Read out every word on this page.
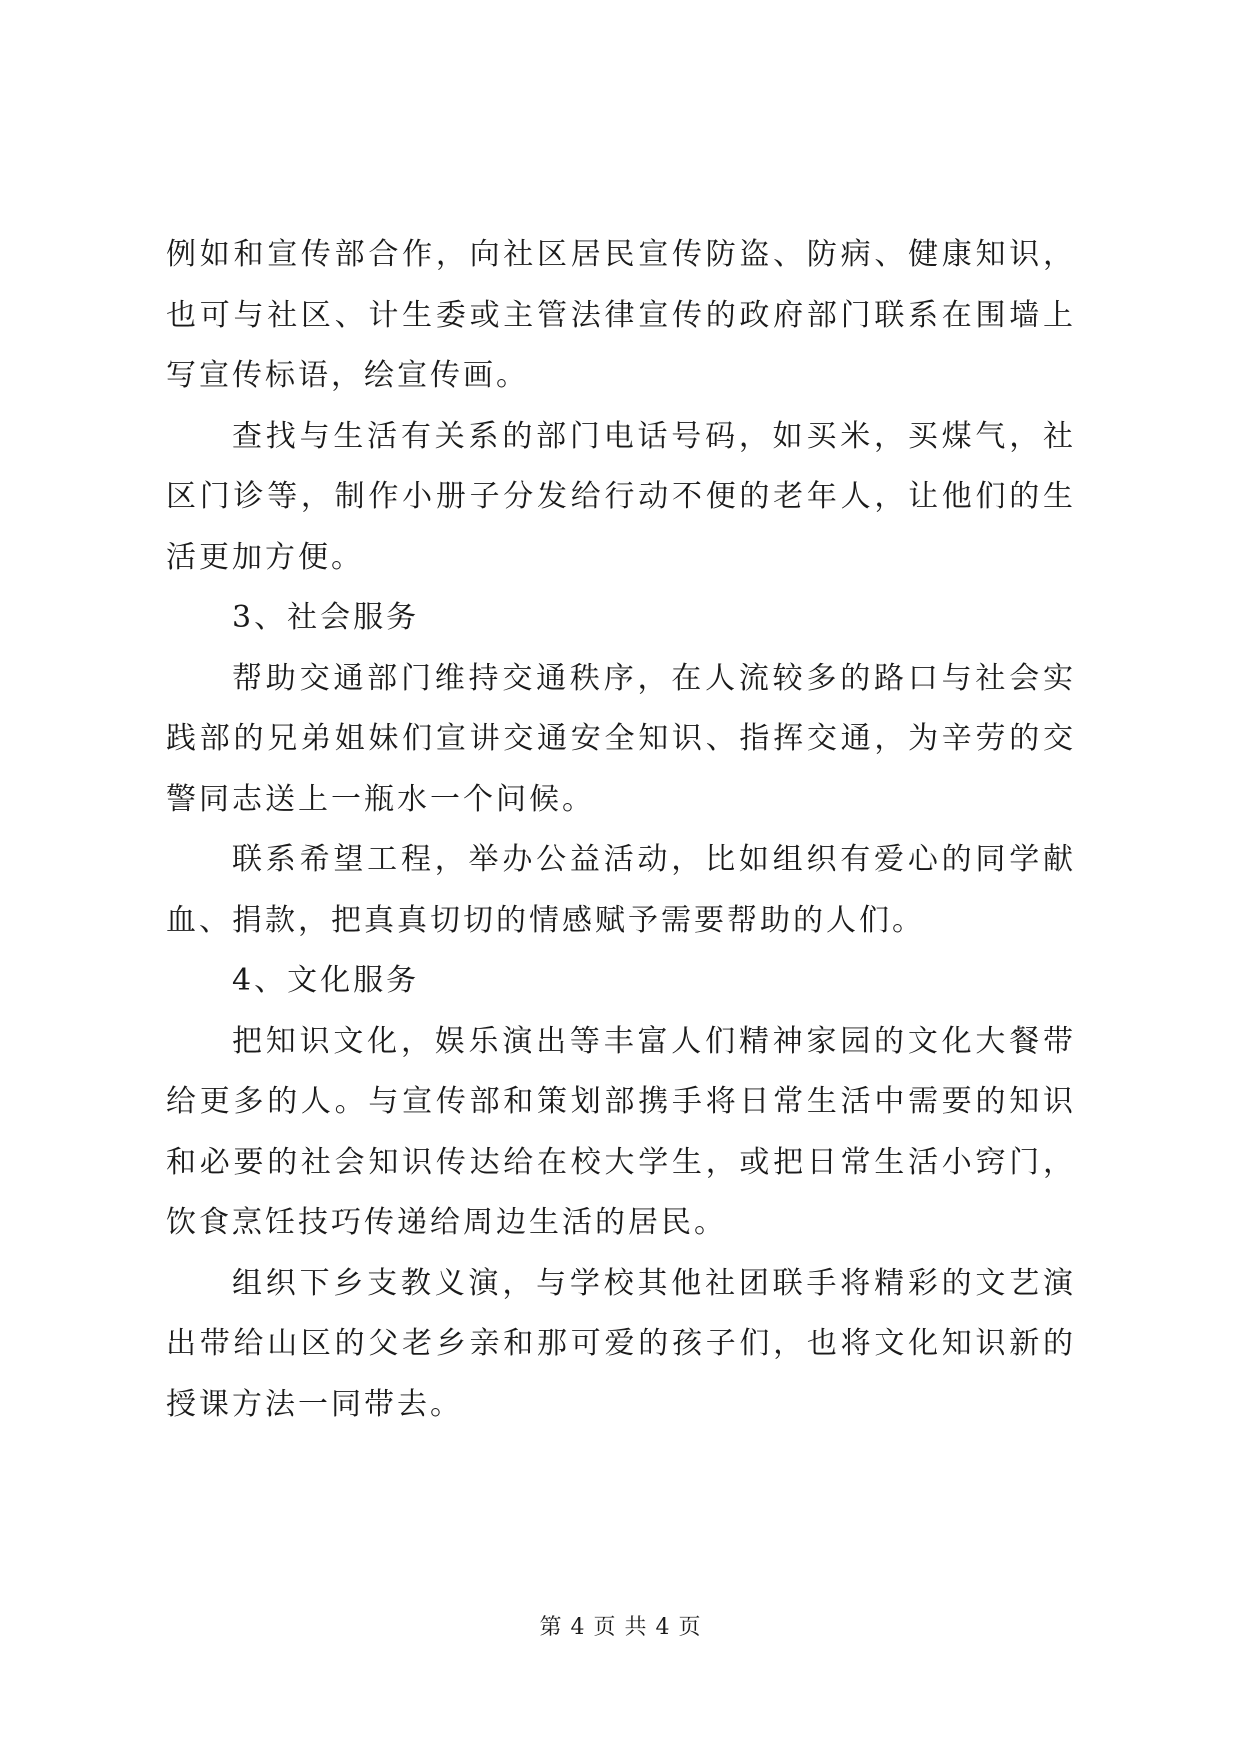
例如和宣传部合作，向社区居民宣传防盗、防病、健康知识，也可与社区、计生委或主管法律宣传的政府部门联系在围墙上写宣传标语，绘宣传画。

查找与生活有关系的部门电话号码，如买米，买煤气，社区门诊等，制作小册子分发给行动不便的老年人，让他们的生活更加方便。

3、社会服务

帮助交通部门维持交通秩序，在人流较多的路口与社会实践部的兄弟姐妹们宣讲交通安全知识、指挥交通，为辛劳的交警同志送上一瓶水一个问候。

联系希望工程，举办公益活动，比如组织有爱心的同学献血、捐款，把真真切切的情感赋予需要帮助的人们。

4、文化服务

把知识文化，娱乐演出等丰富人们精神家园的文化大餐带给更多的人。与宣传部和策划部携手将日常生活中需要的知识和必要的社会知识传达给在校大学生，或把日常生活小窍门，饮食烹饪技巧传递给周边生活的居民。

组织下乡支教义演，与学校其他社团联手将精彩的文艺演出带给山区的父老乡亲和那可爱的孩子们，也将文化知识新的授课方法一同带去。

第 4 页 共 4 页
